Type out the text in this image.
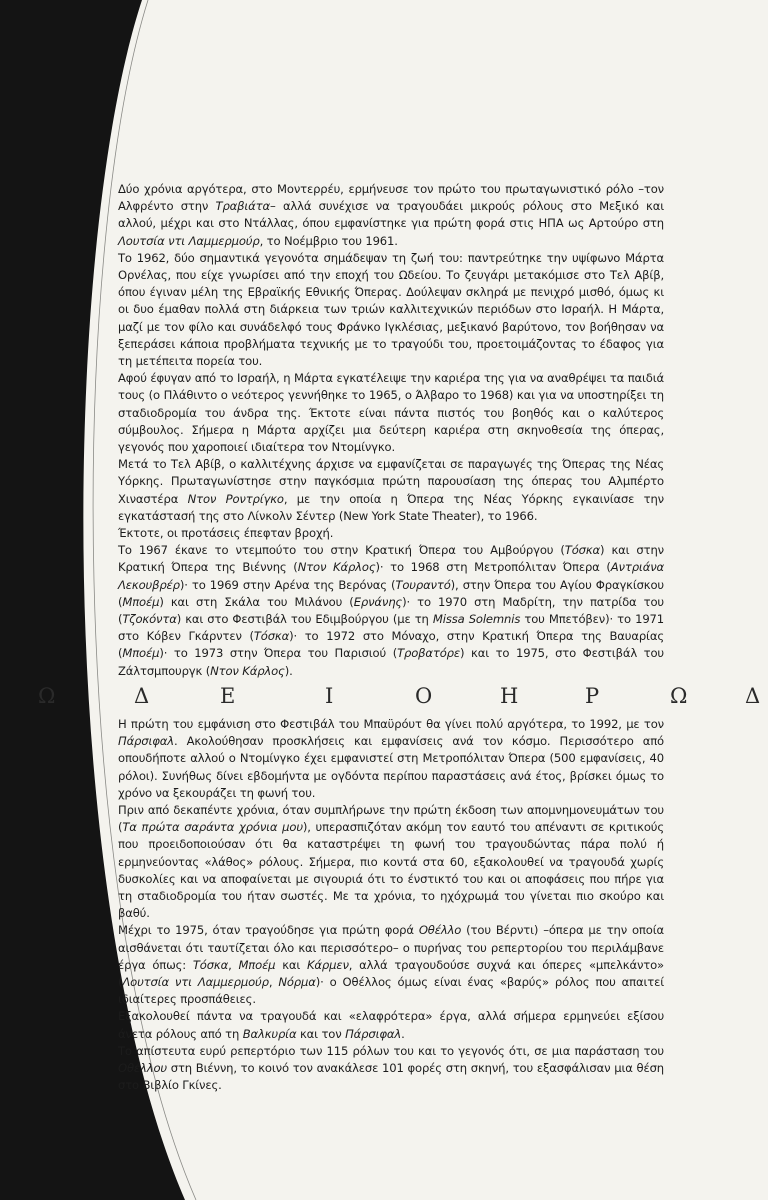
Δύο χρόνια αργότερα, στο Μοντερρέυ, ερμήνευσε τον πρώτο του πρωταγωνιστικό ρόλο –τον Αλφρέντο στην Τραβιάτα– αλλά συνέχισε να τραγουδάει μικρούς ρόλους στο Μεξικό και αλλού, μέχρι και στο Ντάλλας, όπου εμφανίστηκε για πρώτη φορά στις ΗΠΑ ως Αρτούρο στη Λουτσία ντι Λαμμερμούρ, το Νοέμβριο του 1961.

Το 1962, δύο σημαντικά γεγονότα σημάδεψαν τη ζωή του: παντρεύτηκε την υψίφωνο Μάρτα Ορνέλας, που είχε γνωρίσει από την εποχή του Ωδείου. Το ζευγάρι μετακόμισε στο Τελ Αβίβ, όπου έγιναν μέλη της Εβραϊκής Εθνικής Όπερας. Δούλεψαν σκληρά με πενιχρό μισθό, όμως κι οι δυο έμαθαν πολλά στη διάρκεια των τριών καλλιτεχνικών περιόδων στο Ισραήλ. Η Μάρτα, μαζί με τον φίλο και συνάδελφό τους Φράνκο Ιγκλέσιας, μεξικανό βαρύτονο, τον βοήθησαν να ξεπεράσει κάποια προβλήματα τεχνικής με το τραγούδι του, προετοιμάζοντας το έδαφος για τη μετέπειτα πορεία του.

Αφού έφυγαν από το Ισραήλ, η Μάρτα εγκατέλειψε την καριέρα της για να αναθρέψει τα παιδιά τους (ο Πλάθιντο ο νεότερος γεννήθηκε το 1965, ο Άλβαρο το 1968) και για να υποστηρίξει τη σταδιοδρομία του άνδρα της. Έκτοτε είναι πάντα πιστός του βοηθός και ο καλύτερος σύμβουλος. Σήμερα η Μάρτα αρχίζει μια δεύτερη καριέρα στη σκηνοθεσία της όπερας, γεγονός που χαροποιεί ιδιαίτερα τον Ντομίνγκο.

Μετά το Τελ Αβίβ, ο καλλιτέχνης άρχισε να εμφανίζεται σε παραγωγές της Όπερας της Νέας Υόρκης. Πρωταγωνίστησε στην παγκόσμια πρώτη παρουσίαση της όπερας του Αλμπέρτο Χιναστέρα Ντον Ροντρίγκο, με την οποία η Όπερα της Νέας Υόρκης εγκαινίασε την εγκατάστασή της στο Λίνκολν Σέντερ (New York State Theater), το 1966.

Έκτοτε, οι προτάσεις έπεφταν βροχή.

Το 1967 έκανε το ντεμπούτο του στην Κρατική Όπερα του Αμβούργου (Τόσκα) και στην Κρατική Όπερα της Βιέννης (Ντον Κάρλος)· το 1968 στη Μετροπόλιταν Όπερα (Αντριάνα Λεκουβρέρ)· το 1969 στην Αρένα της Βερόνας (Τουραντό), στην Όπερα του Αγίου Φραγκίσκου (Μποέμ) και στη Σκάλα του Μιλάνου (Ερνάνης)· το 1970 στη Μαδρίτη, την πατρίδα του (Τζοκόντα) και στο Φεστιβάλ του Εδιμβούργου (με τη Missa Solemnis του Μπετόβεν)· το 1971 στο Κόβεν Γκάρντεν (Τόσκα)· το 1972 στο Μόναχο, στην Κρατική Όπερα της Βαυαρίας (Μποέμ)· το 1973 στην Όπερα του Παρισιού (Τροβατόρε) και το 1975, στο Φεστιβάλ του Ζάλτσμπουργκ (Ντον Κάρλος).

Ω	Δ	Ε	Ι	Ο	Η	Ρ	Ω	Δ

Η πρώτη του εμφάνιση στο Φεστιβάλ του Μπαϋρόυτ θα γίνει πολύ αργότερα, το 1992, με τον Πάρσιφαλ. Ακολούθησαν προσκλήσεις και εμφανίσεις ανά τον κόσμο. Περισσότερο από οπουδήποτε αλλού ο Ντομίνγκο έχει εμφανιστεί στη Μετροπόλιταν Όπερα (500 εμφανίσεις, 40 ρόλοι). Συνήθως δίνει εβδομήντα με ογδόντα περίπου παραστάσεις ανά έτος, βρίσκει όμως το χρόνο να ξεκουράζει τη φωνή του.

Πριν από δεκαπέντε χρόνια, όταν συμπλήρωνε την πρώτη έκδοση των απομνημονευμάτων του (Τα πρώτα σαράντα χρόνια μου), υπερασπιζόταν ακόμη τον εαυτό του απέναντι σε κριτικούς που προειδοποιούσαν ότι θα καταστρέψει τη φωνή του τραγουδώντας πάρα πολύ ή ερμηνεύοντας «λάθος» ρόλους. Σήμερα, πιο κοντά στα 60, εξακολουθεί να τραγουδά χωρίς δυσκολίες και να αποφαίνεται με σιγουριά ότι το ένστικτό του και οι αποφάσεις που πήρε για τη σταδιοδρομία του ήταν σωστές. Με τα χρόνια, το ηχόχρωμά του γίνεται πιο σκούρο και βαθύ.

Μέχρι το 1975, όταν τραγούδησε για πρώτη φορά Οθέλλο (του Βέρντι) –όπερα με την οποία αισθάνεται ότι ταυτίζεται όλο και περισσότερο– ο πυρήνας του ρεπερτορίου του περιλάμβανε έργα όπως: Τόσκα, Μποέμ και Κάρμεν, αλλά τραγουδούσε συχνά και όπερες «μπελκάντο» (Λουτσία ντι Λαμμερμούρ, Νόρμα)· ο Οθέλλος όμως είναι ένας «βαρύς» ρόλος που απαιτεί ιδιαίτερες προσπάθειες.

Εξακολουθεί πάντα να τραγουδά και «ελαφρότερα» έργα, αλλά σήμερα ερμηνεύει εξίσου άνετα ρόλους από τη Βαλκυρία και τον Πάρσιφαλ.

Το απίστευτα ευρύ ρεπερτόριο των 115 ρόλων του και το γεγονός ότι, σε μια παράσταση του Οθέλλου στη Βιέννη, το κοινό τον ανακάλεσε 101 φορές στη σκηνή, του εξασφάλισαν μια θέση στο Βιβλίο Γκίνες.
